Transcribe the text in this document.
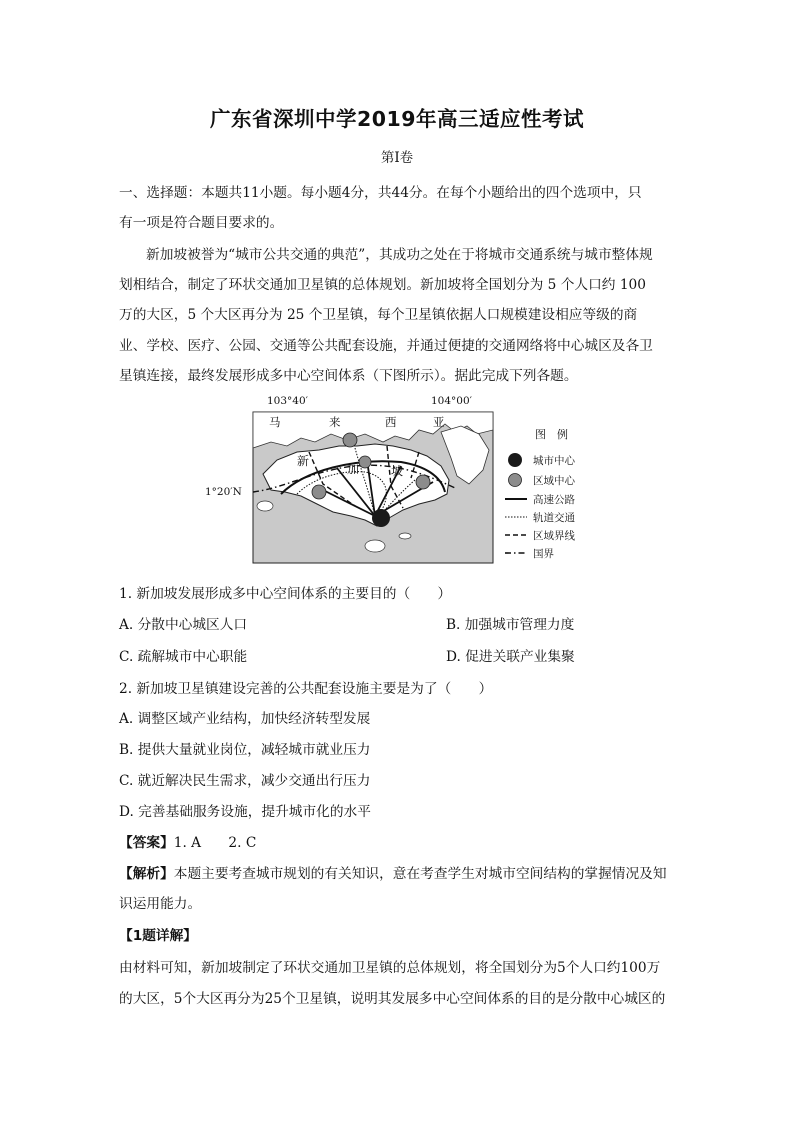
广东省深圳中学2019年高三适应性考试
第Ⅰ卷
一、选择题：本题共11小题。每小题4分，共44分。在每个小题给出的四个选项中，只
有一项是符合题目要求的。
新加坡被誉为“城市公共交通的典范”，其成功之处在于将城市交通系统与城市整体规
划相结合，制定了环状交通加卫星镇的总体规划。新加坡将全国划分为 5 个人口约 100
万的大区，5 个大区再分为 25 个卫星镇，每个卫星镇依据人口规模建设相应等级的商
业、学校、医疗、公园、交通等公共配套设施，并通过便捷的交通网络将中心城区及各卫
星镇连接，最终发展形成多中心空间体系（下图所示）。据此完成下列各题。
103°40′	104°00′
1°20′N
马	来	西	亚
新
加	坡
图　例
城市中心
区域中心
高速公路
轨道交通
区域界线
国界
1. 新加坡发展形成多中心空间体系的主要目的（　　）
A. 分散中心城区人口	B. 加强城市管理力度
C. 疏解城市中心职能	D. 促进关联产业集聚
2. 新加坡卫星镇建设完善的公共配套设施主要是为了（　　）
A. 调整区域产业结构，加快经济转型发展
B. 提供大量就业岗位，减轻城市就业压力
C. 就近解决民生需求，减少交通出行压力
D. 完善基础服务设施，提升城市化的水平
【答案】1. A　　2. C
【解析】本题主要考查城市规划的有关知识，意在考查学生对城市空间结构的掌握情况及知
识运用能力。
【1题详解】
由材料可知，新加坡制定了环状交通加卫星镇的总体规划，将全国划分为5个人口约100万
的大区，5个大区再分为25个卫星镇，说明其发展多中心空间体系的目的是分散中心城区的
